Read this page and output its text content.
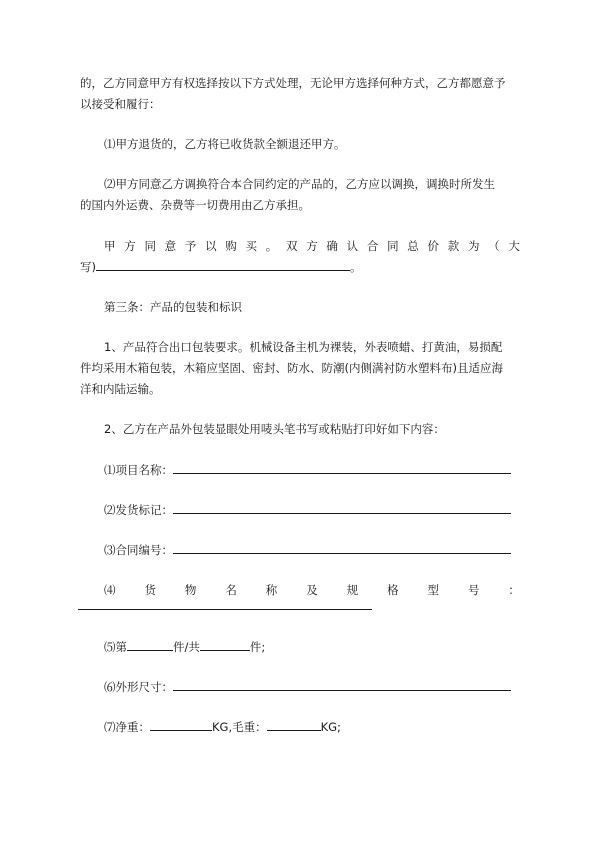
的，乙方同意甲方有权选择按以下方式处理，无论甲方选择何种方式，乙方都愿意予

以接受和履行：

⑴甲方退货的，乙方将已收货款全额退还甲方。

⑵甲方同意乙方调换符合本合同约定的产品的，乙方应以调换，调换时所发生

的国内外运费、杂费等一切费用由乙方承担。

甲 方 同 意 予 以 购 买 。 双 方 确 认 合 同 总 价 款 为 （ 大
写)	。

第三条：产品的包装和标识

1、产品符合出口包装要求。机械设备主机为裸装，外表喷蜡、打黄油，易损配

件均采用木箱包装，木箱应坚固、密封、防水、防潮(内侧满衬防水塑料布)且适应海

洋和内陆运输。

2、乙方在产品外包装显眼处用唛头笔书写或粘贴打印好如下内容：

⑴项目名称：
⑵发货标记：
⑶合同编号：
⑷	货	物	名	称	及	规	格	型	号	：
⑸第	件/共	件;
⑹外形尺寸：
⑺净重：	KG,毛重：	KG;
